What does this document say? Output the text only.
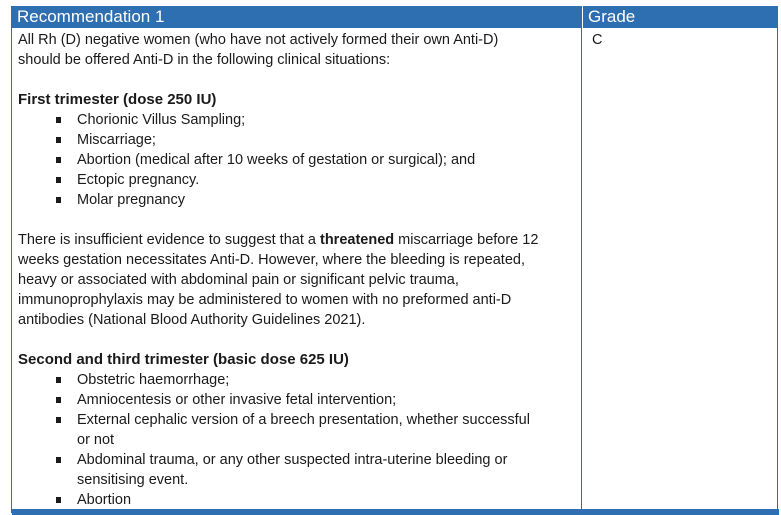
Recommendation 1	Grade

All Rh (D) negative women (who have not actively formed their own Anti-D)

should be offered Anti-D in the following clinical situations:

First trimester (dose 250 IU)

Chorionic Villus Sampling;
Miscarriage;
Abortion (medical after 10 weeks of gestation or surgical); and
Ectopic pregnancy.
Molar pregnancy

There is insufficient evidence to suggest that a threatened miscarriage before 12

weeks gestation necessitates Anti-D. However, where the bleeding is repeated,

heavy or associated with abdominal pain or significant pelvic trauma,

immunoprophylaxis may be administered to women with no preformed anti-D

antibodies (National Blood Authority Guidelines 2021).

Second and third trimester (basic dose 625 IU)

Obstetric haemorrhage;
Amniocentesis or other invasive fetal intervention;
External cephalic version of a breech presentation, whether successful
or not
Abdominal trauma, or any other suspected intra-uterine bleeding or
sensitising event.
Abortion
C
